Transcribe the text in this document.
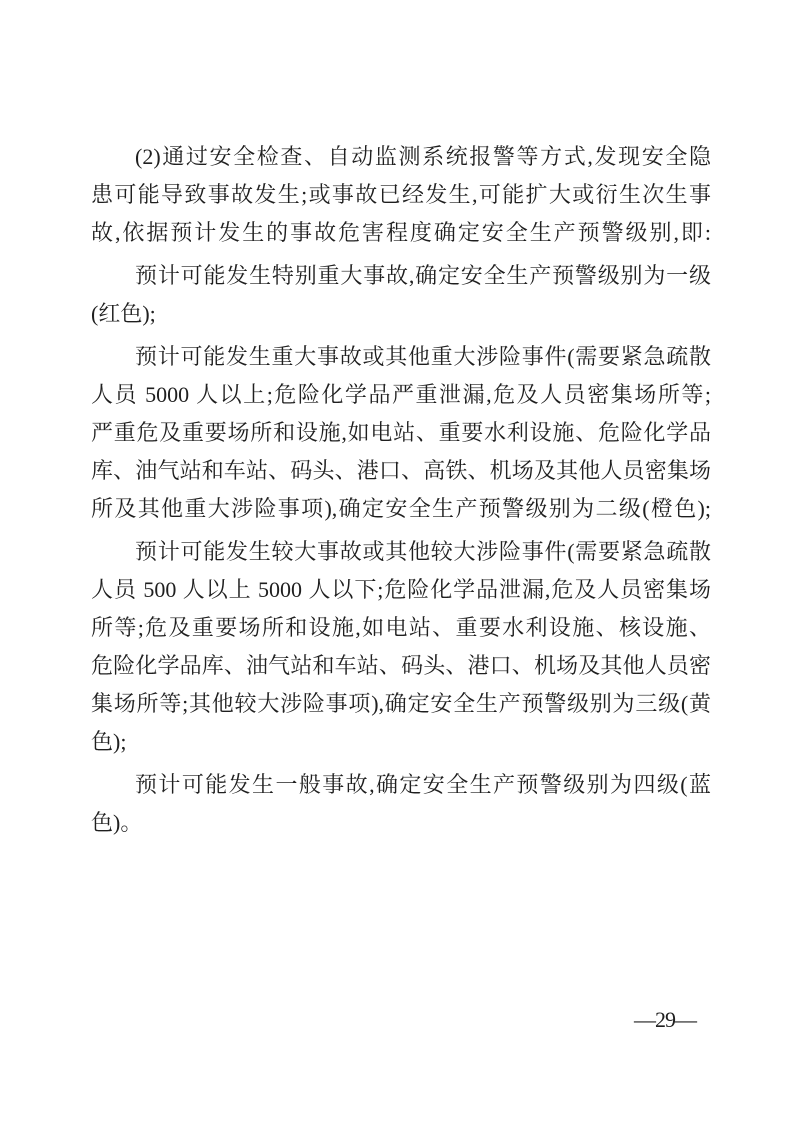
(2)通过安全检查、自动监测系统报警等方式,发现安全隐
患可能导致事故发生;或事故已经发生,可能扩大或衍生次生事
故,依据预计发生的事故危害程度确定安全生产预警级别,即:
预计可能发生特别重大事故,确定安全生产预警级别为一级
(红色);
预计可能发生重大事故或其他重大涉险事件(需要紧急疏散
人员 5000 人以上;危险化学品严重泄漏,危及人员密集场所等;
严重危及重要场所和设施,如电站、重要水利设施、危险化学品
库、油气站和车站、码头、港口、高铁、机场及其他人员密集场
所及其他重大涉险事项),确定安全生产预警级别为二级(橙色);
预计可能发生较大事故或其他较大涉险事件(需要紧急疏散
人员 500 人以上 5000 人以下;危险化学品泄漏,危及人员密集场
所等;危及重要场所和设施,如电站、重要水利设施、核设施、
危险化学品库、油气站和车站、码头、港口、机场及其他人员密
集场所等;其他较大涉险事项),确定安全生产预警级别为三级(黄
色);
预计可能发生一般事故,确定安全生产预警级别为四级(蓝
色)。
—29—
